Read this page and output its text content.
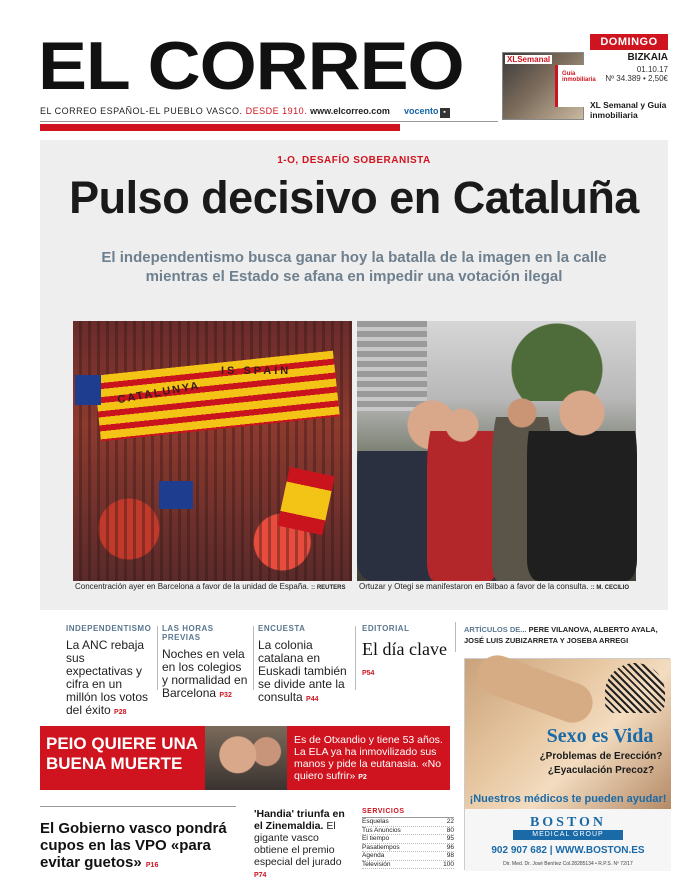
EL CORREO
EL CORREO ESPAÑOL-EL PUEBLO VASCO. DESDE 1910. www.elcorreo.com vocento ▪
XLSemanal
Guía inmobiliaria
DOMINGO
BIZKAIA
01.10.17
Nº 34.389 • 2,50€
XL Semanal y Guía inmobiliaria
1-O, DESAFÍO SOBERANISTA
Pulso decisivo en Cataluña
El independentismo busca ganar hoy la batalla de la imagen en la calle mientras el Estado se afana en impedir una votación ilegal
CATALUNYA
IS SPAIN
Concentración ayer en Barcelona a favor de la unidad de España. :: REUTERS Ortuzar y Otegi se manifestaron en Bilbao a favor de la consulta. :: M. CECILIO
INDEPENDENTISMO
La ANC rebaja sus expectativas y cifra en un millón los votos del éxito P28
LAS HORAS PREVIAS
Noches en vela en los colegios y normalidad en Barcelona P32
ENCUESTA
La colonia catalana en Euskadi también se divide ante la consulta P44
EDITORIAL
El día clave P54
ARTÍCULOS DE... PERE VILANOVA, ALBERTO AYALA, JOSÉ LUIS ZUBIZARRETA Y JOSEBA ARREGI
Sexo es Vida
¿Problemas de Erección?
¿Eyaculación Precoz?
¡Nuestros médicos te pueden ayudar!
BOSTON
MEDICAL GROUP
902 907 682 | WWW.BOSTON.ES
Dir. Med. Dr. José Benítez Col.28285134 • R.P.S. Nº 72/17
PEIO QUIERE UNA BUENA MUERTE
Es de Otxandio y tiene 53 años. La ELA ya ha inmovilizado sus manos y pide la eutanasia. «No quiero sufrir» P2
El Gobierno vasco pondrá cupos en las VPO «para evitar guetos» P16
'Handia' triunfa en el Zinemaldia. El gigante vasco obtiene el premio especial del jurado P74
SERVICIOS
Esquelas	22
Tus Anuncios	80
El tiempo	95
Pasatiempos	96
Agenda	98
Televisión	100
